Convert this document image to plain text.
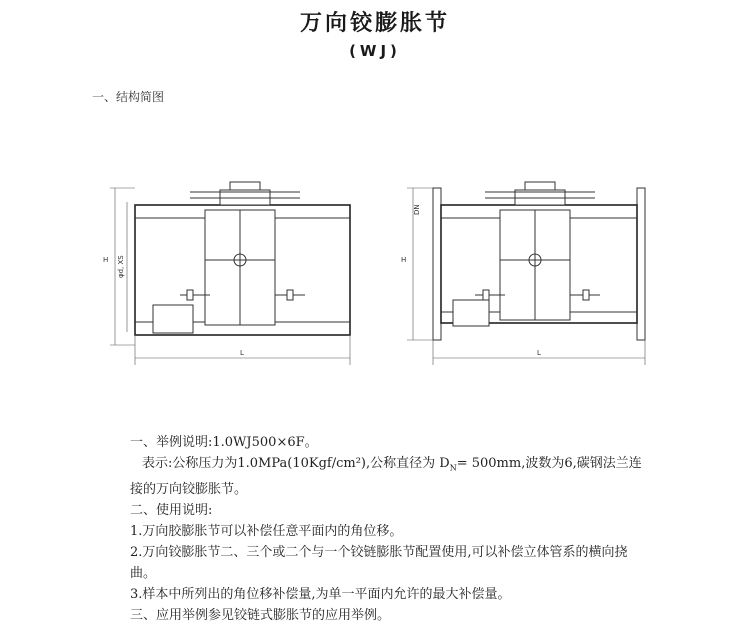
万向铰膨胀节
(WJ)
一、结构简图
H φd, XS
L
H
DN
L

一、举例说明:1.0WJ500×6F。

表示:公称压力为1.0MPa(10Kgf/cm²),公称直径为 $D_N= 500mm$,波数为6,碳钢法兰连

接的万向铰膨胀节。

二、使用说明:

1.万向胶膨胀节可以补偿任意平面内的角位移。

2.万向铰膨胀节二、三个或二个与一个铰链膨胀节配置使用,可以补偿立体管系的横向挠

曲。

3.样本中所列出的角位移补偿量,为单一平面内允许的最大补偿量。

三、应用举例参见铰链式膨胀节的应用举例。
